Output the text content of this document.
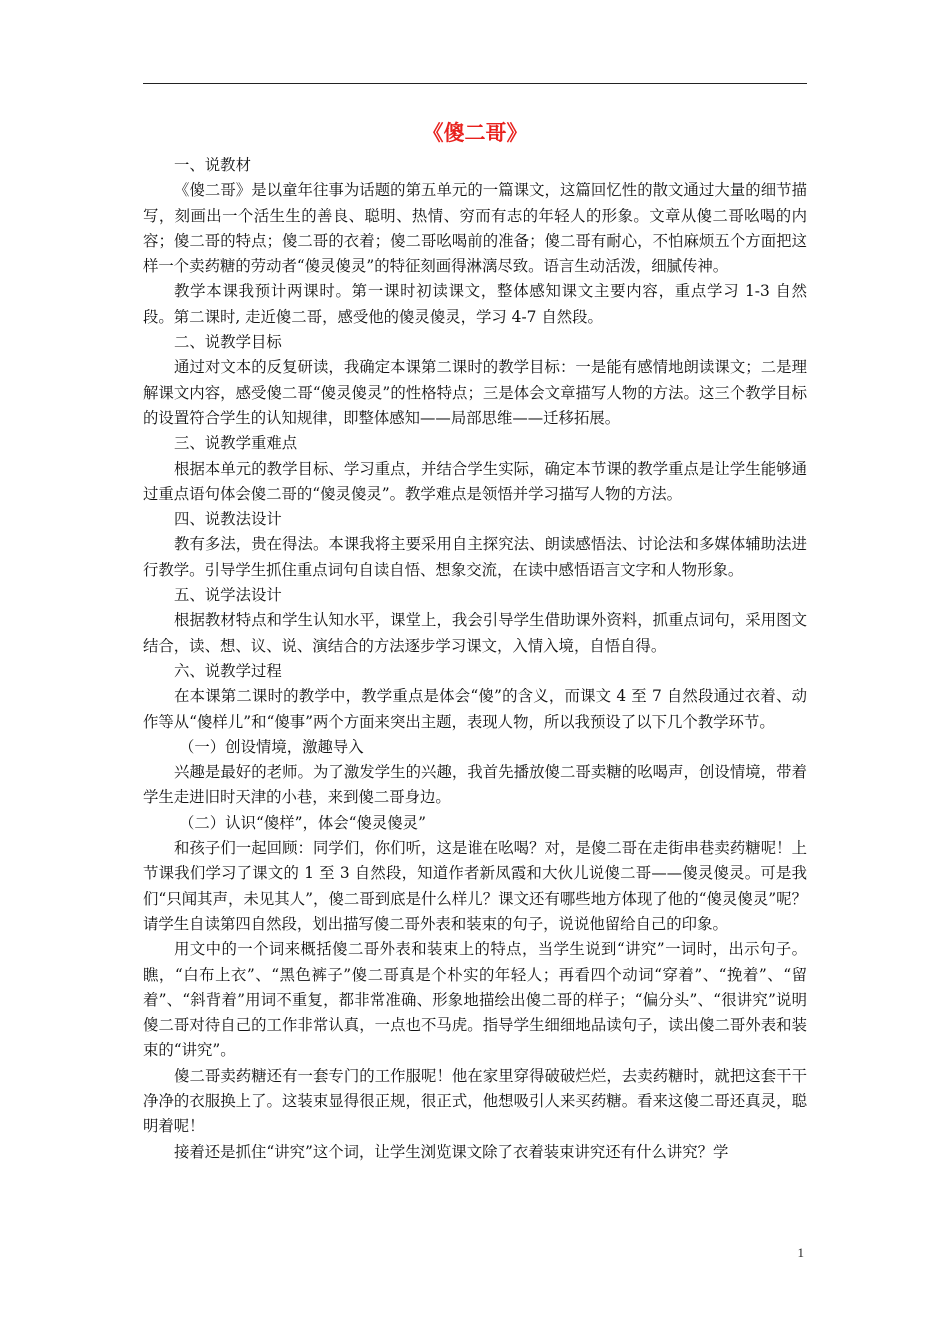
《傻二哥》

一、说教材

《傻二哥》是以童年往事为话题的第五单元的一篇课文，这篇回忆性的散文通过大量的细节描写，刻画出一个活生生的善良、聪明、热情、穷而有志的年轻人的形象。文章从傻二哥吆喝的内容；傻二哥的特点；傻二哥的衣着；傻二哥吆喝前的准备；傻二哥有耐心，不怕麻烦五个方面把这样一个卖药糖的劳动者“傻灵傻灵”的特征刻画得淋漓尽致。语言生动活泼，细腻传神。

教学本课我预计两课时。第一课时初读课文，整体感知课文主要内容，重点学习 1-3 自然段。第二课时, 走近傻二哥，感受他的傻灵傻灵，学习 4-7 自然段。

二、说教学目标

通过对文本的反复研读，我确定本课第二课时的教学目标：一是能有感情地朗读课文；二是理解课文内容，感受傻二哥“傻灵傻灵”的性格特点；三是体会文章描写人物的方法。这三个教学目标的设置符合学生的认知规律，即整体感知——局部思维——迁移拓展。

三、说教学重难点

根据本单元的教学目标、学习重点，并结合学生实际，确定本节课的教学重点是让学生能够通过重点语句体会傻二哥的“傻灵傻灵”。教学难点是领悟并学习描写人物的方法。

四、说教法设计

教有多法，贵在得法。本课我将主要采用自主探究法、朗读感悟法、讨论法和多媒体辅助法进行教学。引导学生抓住重点词句自读自悟、想象交流，在读中感悟语言文字和人物形象。

五、说学法设计

根据教材特点和学生认知水平，课堂上，我会引导学生借助课外资料，抓重点词句，采用图文结合，读、想、议、说、演结合的方法逐步学习课文，入情入境，自悟自得。

六、说教学过程

在本课第二课时的教学中，教学重点是体会“傻”的含义，而课文 4 至 7 自然段通过衣着、动作等从“傻样儿”和“傻事”两个方面来突出主题，表现人物，所以我预设了以下几个教学环节。

（一）创设情境，激趣导入

兴趣是最好的老师。为了激发学生的兴趣，我首先播放傻二哥卖糖的吆喝声，创设情境，带着学生走进旧时天津的小巷，来到傻二哥身边。

（二）认识“傻样”，体会“傻灵傻灵”

和孩子们一起回顾：同学们，你们听，这是谁在吆喝？对，是傻二哥在走街串巷卖药糖呢！上节课我们学习了课文的 1 至 3 自然段，知道作者新凤霞和大伙儿说傻二哥——傻灵傻灵。可是我们“只闻其声，未见其人”，傻二哥到底是什么样儿？课文还有哪些地方体现了他的“傻灵傻灵”呢？请学生自读第四自然段，划出描写傻二哥外表和装束的句子，说说他留给自己的印象。

用文中的一个词来概括傻二哥外表和装束上的特点，当学生说到“讲究”一词时，出示句子。瞧，“白布上衣”、“黑色裤子”傻二哥真是个朴实的年轻人；再看四个动词“穿着”、“挽着”、“留着”、“斜背着”用词不重复，都非常准确、形象地描绘出傻二哥的样子；“偏分头”、“很讲究”说明傻二哥对待自己的工作非常认真，一点也不马虎。指导学生细细地品读句子，读出傻二哥外表和装束的“讲究”。

傻二哥卖药糖还有一套专门的工作服呢！他在家里穿得破破烂烂，去卖药糖时，就把这套干干净净的衣服换上了。这装束显得很正规，很正式，他想吸引人来买药糖。看来这傻二哥还真灵，聪明着呢！

接着还是抓住“讲究”这个词，让学生浏览课文除了衣着装束讲究还有什么讲究？学

1
